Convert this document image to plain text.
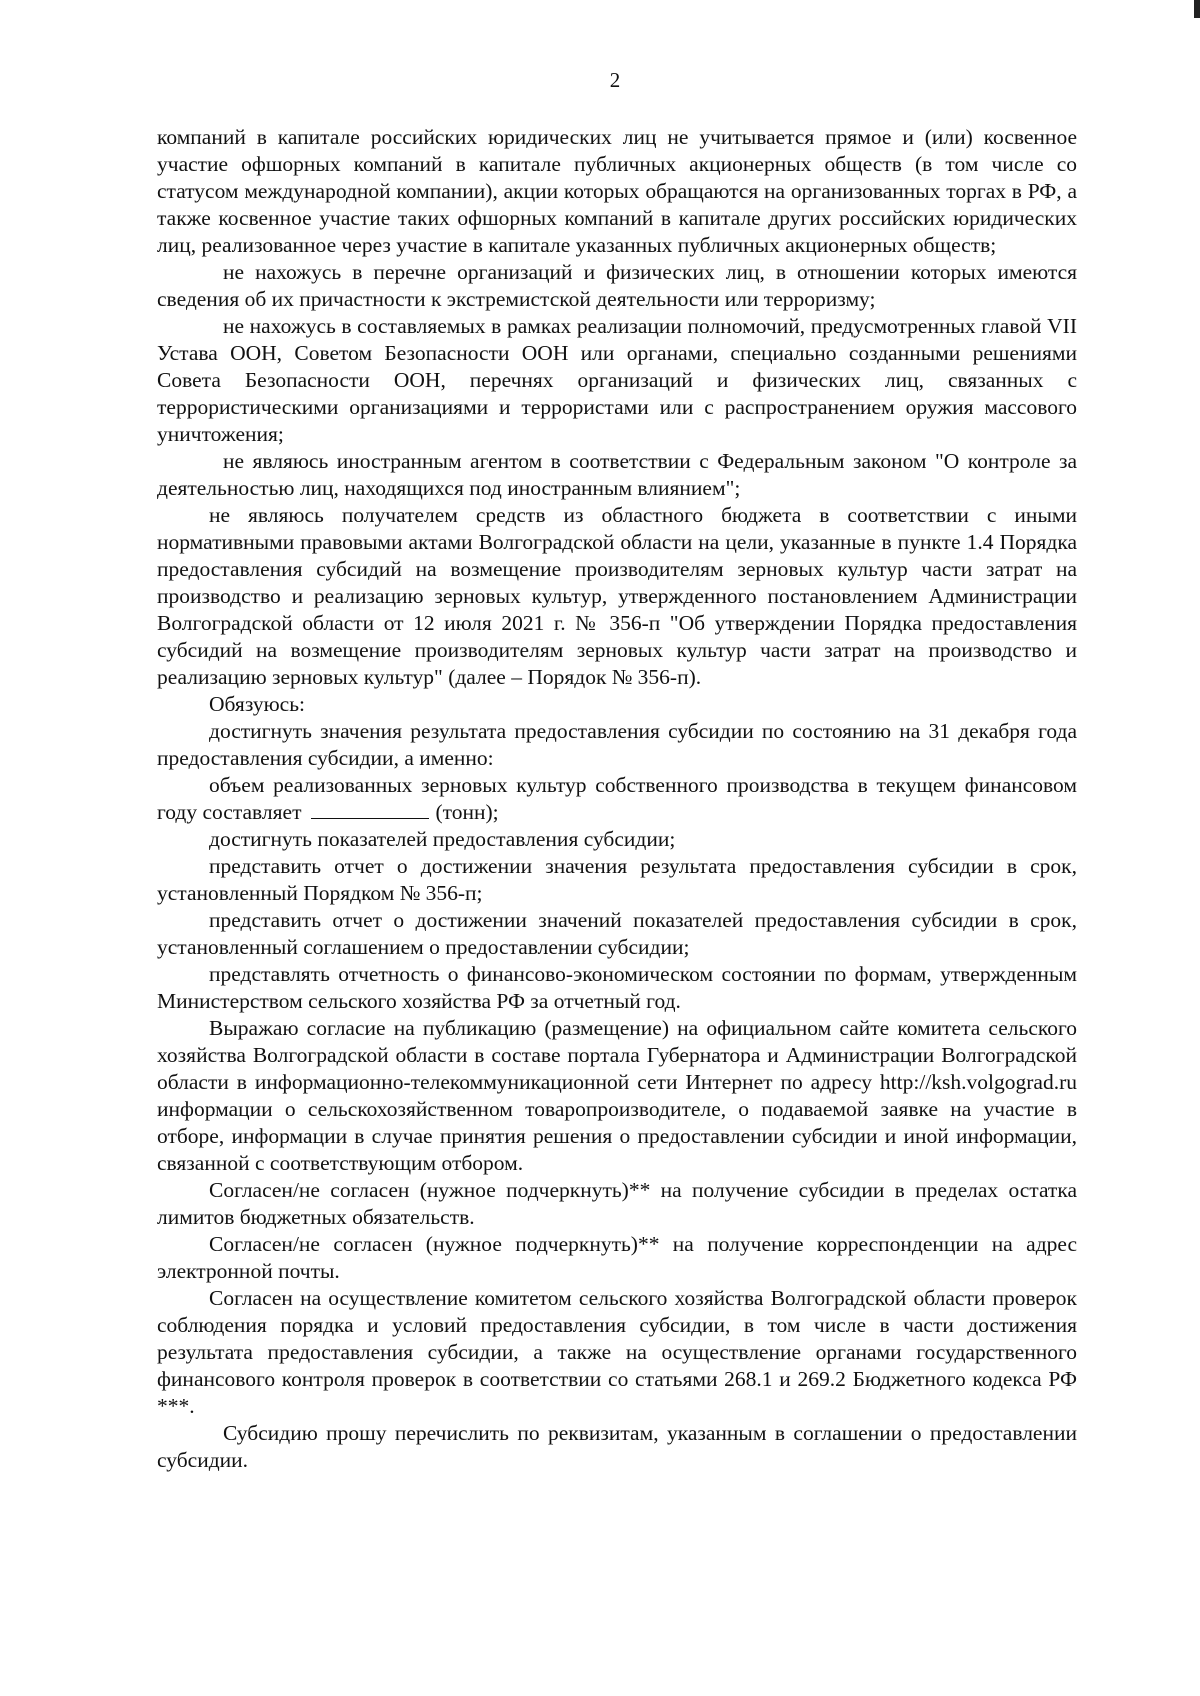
2

компаний в капитале российских юридических лиц не учитывается прямое и (или) косвенное участие офшорных компаний в капитале публичных акционерных обществ (в том числе со статусом международной компании), акции которых обращаются на организованных торгах в РФ, а также косвенное участие таких офшорных компаний в капитале других российских юридических лиц, реализованное через участие в капитале указанных публичных акционерных обществ;

не нахожусь в перечне организаций и физических лиц, в отношении которых имеются сведения об их причастности к экстремистской деятельности или терроризму;

не нахожусь в составляемых в рамках реализации полномочий, предусмотренных главой VII Устава ООН, Советом Безопасности ООН или органами, специально созданными решениями Совета Безопасности ООН, перечнях организаций и физических лиц, связанных с террористическими организациями и террористами или с распространением оружия массового уничтожения;

не являюсь иностранным агентом в соответствии с Федеральным законом "О контроле за деятельностью лиц, находящихся под иностранным влиянием";

не являюсь получателем средств из областного бюджета в соответствии с иными нормативными правовыми актами Волгоградской области на цели, указанные в пункте 1.4 Порядка предоставления субсидий на возмещение производителям зерновых культур части затрат на производство и реализацию зерновых культур, утвержденного постановлением Администрации Волгоградской области от 12 июля 2021 г. № 356-п "Об утверждении Порядка предоставления субсидий на возмещение производителям зерновых культур части затрат на производство и реализацию зерновых культур" (далее – Порядок № 356-п).

Обязуюсь:

достигнуть значения результата предоставления субсидии по состоянию на 31 декабря года предоставления субсидии, а именно:

объем реализованных зерновых культур собственного производства в текущем финансовом году составляет	(тонн);

достигнуть показателей предоставления субсидии;

представить отчет о достижении значения результата предоставления субсидии в срок, установленный Порядком № 356-п;

представить отчет о достижении значений показателей предоставления субсидии в срок, установленный соглашением о предоставлении субсидии;

представлять отчетность о финансово-экономическом состоянии по формам, утвержденным Министерством сельского хозяйства РФ за отчетный год.

Выражаю согласие на публикацию (размещение) на официальном сайте комитета сельского хозяйства Волгоградской области в составе портала Губернатора и Администрации Волгоградской области в информационно-телекоммуникационной сети Интернет по адресу http://ksh.volgograd.ru информации о сельскохозяйственном товаропроизводителе, о подаваемой заявке на участие в отборе, информации в случае принятия решения о предоставлении субсидии и иной информации, связанной с соответствующим отбором.

Согласен/не согласен (нужное подчеркнуть)** на получение субсидии в пределах остатка лимитов бюджетных обязательств.

Согласен/не согласен (нужное подчеркнуть)** на получение корреспонденции на адрес электронной почты.

Согласен на осуществление комитетом сельского хозяйства Волгоградской области проверок соблюдения порядка и условий предоставления субсидии, в том числе в части достижения результата предоставления субсидии, а также на осуществление органами государственного финансового контроля проверок в соответствии со статьями 268.1 и 269.2 Бюджетного кодекса РФ ***.

Субсидию прошу перечислить по реквизитам, указанным в соглашении о предоставлении субсидии.
